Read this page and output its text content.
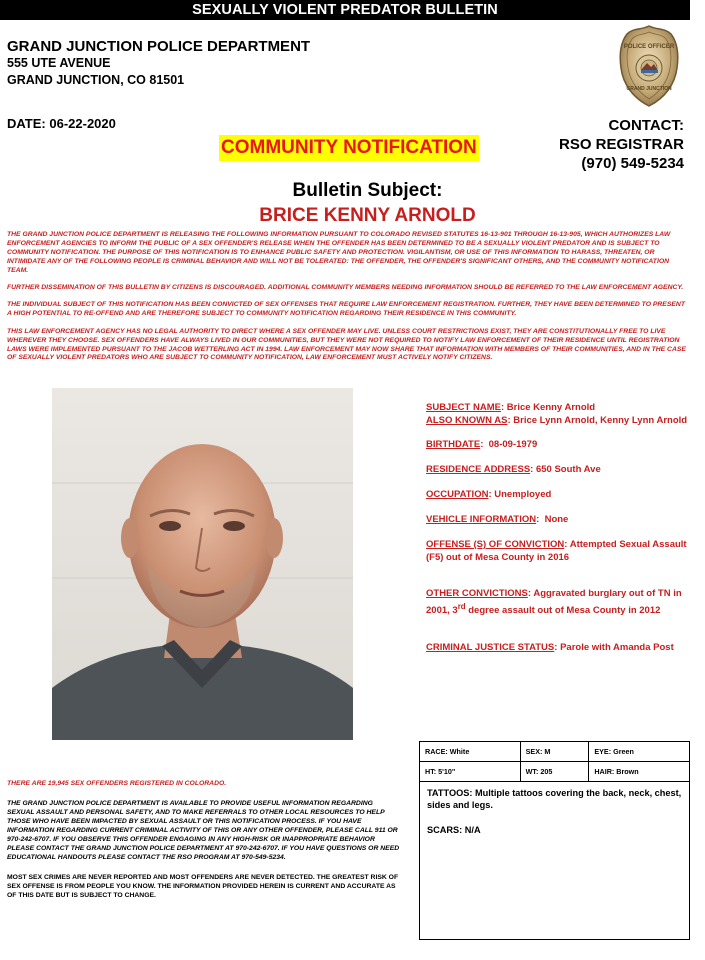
SEXUALLY VIOLENT PREDATOR BULLETIN
GRAND JUNCTION POLICE DEPARTMENT
555 UTE AVENUE
GRAND JUNCTION, CO 81501
POLICE OFFICER
GRAND JUNCTION
DATE: 06-22-2020
COMMUNITY NOTIFICATION
CONTACT:
RSO REGISTRAR
(970) 549-5234
Bulletin Subject:
BRICE KENNY ARNOLD

THE GRAND JUNCTION POLICE DEPARTMENT IS RELEASING THE FOLLOWING INFORMATION PURSUANT TO COLORADO REVISED STATUTES 16-13-901 THROUGH 16-13-905, WHICH AUTHORIZES LAW ENFORCEMENT AGENCIES TO INFORM THE PUBLIC OF A SEX OFFENDER'S RELEASE WHEN THE OFFENDER HAS BEEN DETERMINED TO BE A SEXUALLY VIOLENT PREDATOR AND IS SUBJECT TO COMMUNITY NOTIFICATION. THE PURPOSE OF THIS NOTIFICATION IS TO ENHANCE PUBLIC SAFETY AND PROTECTION. VIGILANTISM, OR USE OF THIS INFORMATION TO HARASS, THREATEN, OR INTIMIDATE ANY OF THE FOLLOWING PEOPLE IS CRIMINAL BEHAVIOR AND WILL NOT BE TOLERATED: THE OFFENDER, THE OFFENDER'S SIGNIFICANT OTHERS, AND THE COMMUNITY NOTIFICATION TEAM.

FURTHER DISSEMINATION OF THIS BULLETIN BY CITIZENS IS DISCOURAGED. ADDITIONAL COMMUNITY MEMBERS NEEDING INFORMATION SHOULD BE REFERRED TO THE LAW ENFORCEMENT AGENCY.

THE INDIVIDUAL SUBJECT OF THIS NOTIFICATION HAS BEEN CONVICTED OF SEX OFFENSES THAT REQUIRE LAW ENFORCEMENT REGISTRATION. FURTHER, THEY HAVE BEEN DETERMINED TO PRESENT A HIGH POTENTIAL TO RE-OFFEND AND ARE THEREFORE SUBJECT TO COMMUNITY NOTIFICATION REGARDING THEIR RESIDENCE IN THIS COMMUNITY.

THIS LAW ENFORCEMENT AGENCY HAS NO LEGAL AUTHORITY TO DIRECT WHERE A SEX OFFENDER MAY LIVE. UNLESS COURT RESTRICTIONS EXIST, THEY ARE CONSTITUTIONALLY FREE TO LIVE WHEREVER THEY CHOOSE. SEX OFFENDERS HAVE ALWAYS LIVED IN OUR COMMUNITIES, BUT THEY WERE NOT REQUIRED TO NOTIFY LAW ENFORCEMENT OF THEIR RESIDENCE UNTIL REGISTRATION LAWS WERE IMPLEMENTED PURSUANT TO THE JACOB WETTERLING ACT IN 1994. LAW ENFORCEMENT MAY NOW SHARE THAT INFORMATION WITH MEMBERS OF THEIR COMMUNITIES, AND IN THE CASE OF SEXUALLY VIOLENT PREDATORS WHO ARE SUBJECT TO COMMUNITY NOTIFICATION, LAW ENFORCEMENT MUST ACTIVELY NOTIFY CITIZENS.

SUBJECT NAME: Brice Kenny Arnold
ALSO KNOWN AS: Brice Lynn Arnold, Kenny Lynn Arnold
BIRTHDATE:  08-09-1979
RESIDENCE ADDRESS: 650 South Ave
OCCUPATION: Unemployed
VEHICLE INFORMATION:  None
OFFENSE (S) OF CONVICTION: Attempted Sexual Assault (F5) out of Mesa County in 2016
OTHER CONVICTIONS: Aggravated burglary out of TN in 2001, 3rd degree assault out of Mesa County in 2012
CRIMINAL JUSTICE STATUS: Parole with Amanda Post
RACE: White	SEX: M	EYE: Green
HT: 5'10"	WT: 205	HAIR: Brown
TATTOOS: Multiple tattoos covering the back, neck, chest, sides and legs.
SCARS: N/A
THERE ARE 19,945 SEX OFFENDERS REGISTERED IN COLORADO.
THE GRAND JUNCTION POLICE DEPARTMENT IS AVAILABLE TO PROVIDE USEFUL INFORMATION REGARDING SEXUAL ASSAULT AND PERSONAL SAFETY, AND TO MAKE REFERRALS TO OTHER LOCAL RESOURCES TO HELP THOSE WHO HAVE BEEN IMPACTED BY SEXUAL ASSAULT OR THIS NOTIFICATION PROCESS. IF YOU HAVE INFORMATION REGARDING CURRENT CRIMINAL ACTIVITY OF THIS OR ANY OTHER OFFENDER, PLEASE CALL 911 OR 970-242-6707. IF YOU OBSERVE THIS OFFENDER ENGAGING IN ANY HIGH-RISK OR INAPPROPRIATE BEHAVIOR PLEASE CONTACT THE GRAND JUNCTION POLICE DEPARTMENT AT 970-242-6707. IF YOU HAVE QUESTIONS OR NEED EDUCATIONAL HANDOUTS PLEASE CONTACT THE RSO PROGRAM AT 970-549-5234.
MOST SEX CRIMES ARE NEVER REPORTED AND MOST OFFENDERS ARE NEVER DETECTED. THE GREATEST RISK OF SEX OFFENSE IS FROM PEOPLE YOU KNOW. THE INFORMATION PROVIDED HEREIN IS CURRENT AND ACCURATE AS OF THIS DATE BUT IS SUBJECT TO CHANGE.
